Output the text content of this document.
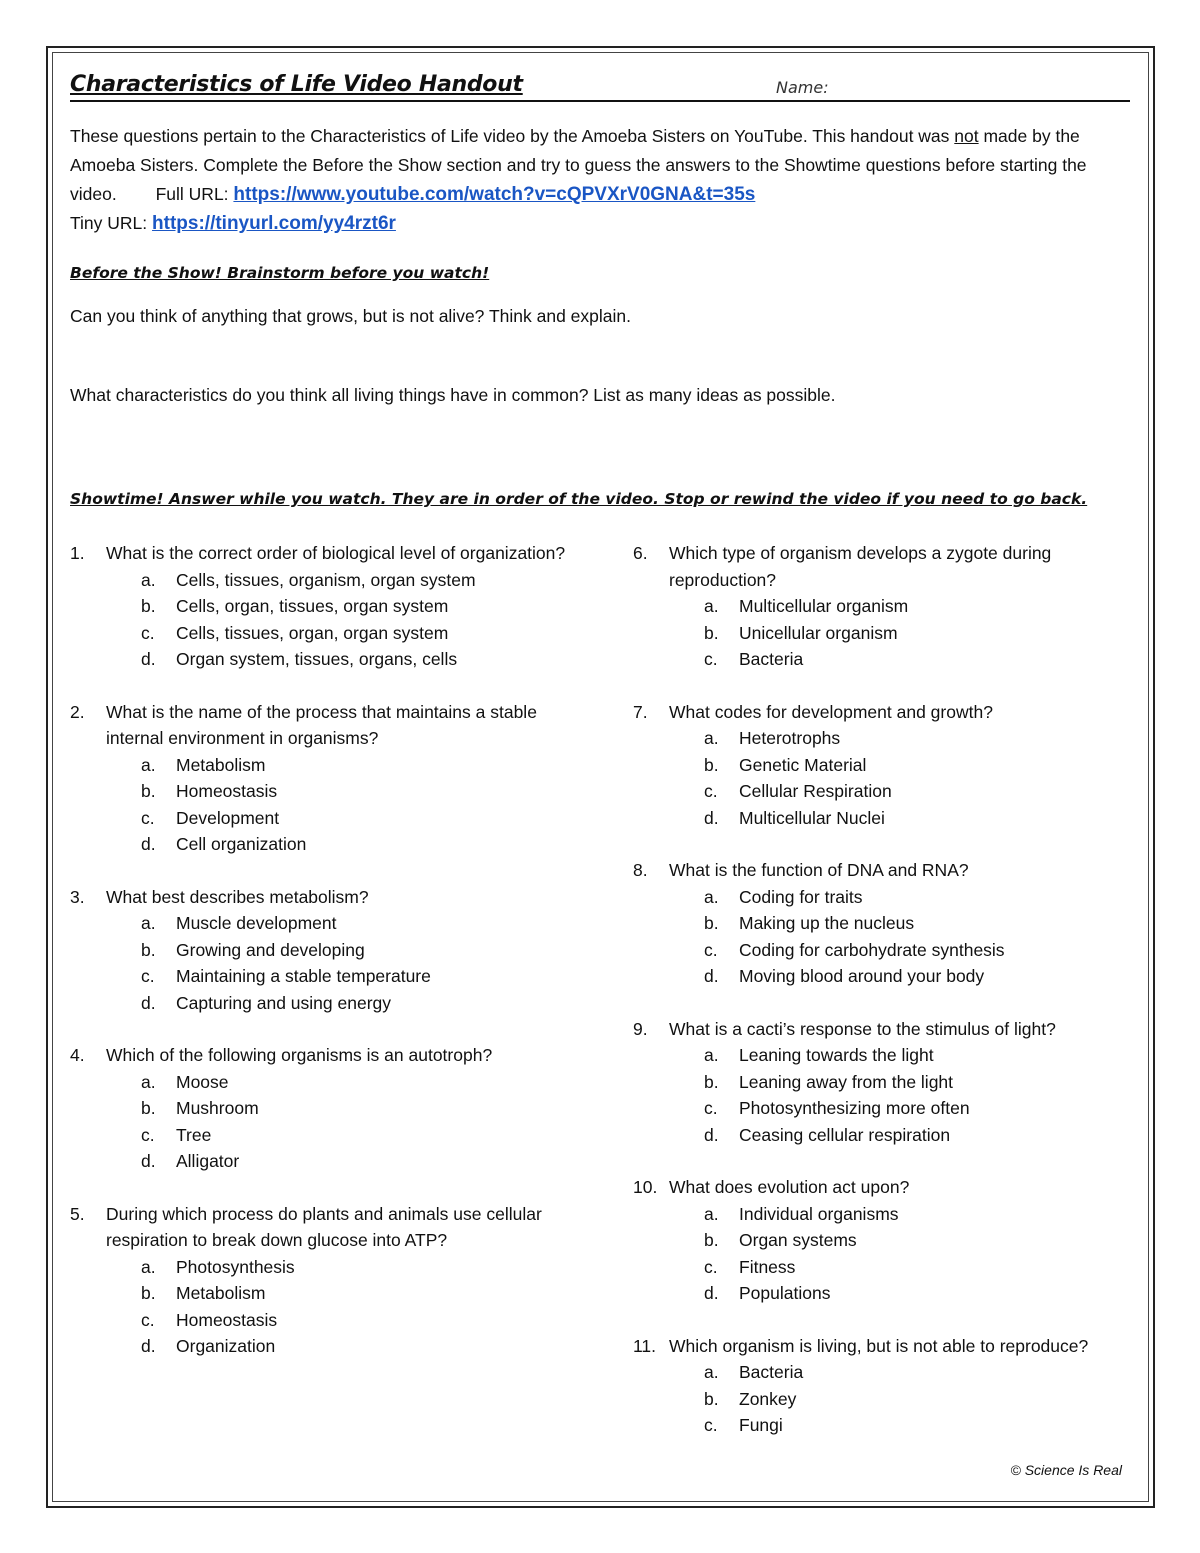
Characteristics of Life Video Handout	Name:
These questions pertain to the Characteristics of Life video by the Amoeba Sisters on YouTube. This handout was not made by the Amoeba Sisters. Complete the Before the Show section and try to guess the answers to the Showtime questions before starting the video. Full URL: https://www.youtube.com/watch?v=cQPVXrV0GNA&t=35s
Tiny URL: https://tinyurl.com/yy4rzt6r
Before the Show! Brainstorm before you watch!
Can you think of anything that grows, but is not alive? Think and explain.
What characteristics do you think all living things have in common? List as many ideas as possible.
Showtime! Answer while you watch. They are in order of the video. Stop or rewind the video if you need to go back.
1.	What is the correct order of biological level of organization?
a.	Cells, tissues, organism, organ system
b.	Cells, organ, tissues, organ system
c.	Cells, tissues, organ, organ system
d.	Organ system, tissues, organs, cells
2.	What is the name of the process that maintains a stable internal environment in organisms?
a.	Metabolism
b.	Homeostasis
c.	Development
d.	Cell organization
3.	What best describes metabolism?
a.	Muscle development
b.	Growing and developing
c.	Maintaining a stable temperature
d.	Capturing and using energy
4.	Which of the following organisms is an autotroph?
a.	Moose
b.	Mushroom
c.	Tree
d.	Alligator
5.	During which process do plants and animals use cellular respiration to break down glucose into ATP?
a.	Photosynthesis
b.	Metabolism
c.	Homeostasis
d.	Organization
6.	Which type of organism develops a zygote during reproduction?
a.	Multicellular organism
b.	Unicellular organism
c.	Bacteria
7.	What codes for development and growth?
a.	Heterotrophs
b.	Genetic Material
c.	Cellular Respiration
d.	Multicellular Nuclei
8.	What is the function of DNA and RNA?
a.	Coding for traits
b.	Making up the nucleus
c.	Coding for carbohydrate synthesis
d.	Moving blood around your body
9.	What is a cacti’s response to the stimulus of light?
a.	Leaning towards the light
b.	Leaning away from the light
c.	Photosynthesizing more often
d.	Ceasing cellular respiration
10. What does evolution act upon?
a.	Individual organisms
b.	Organ systems
c.	Fitness
d.	Populations
11. Which organism is living, but is not able to reproduce?
a.	Bacteria
b.	Zonkey
c.	Fungi
© Science Is Real
